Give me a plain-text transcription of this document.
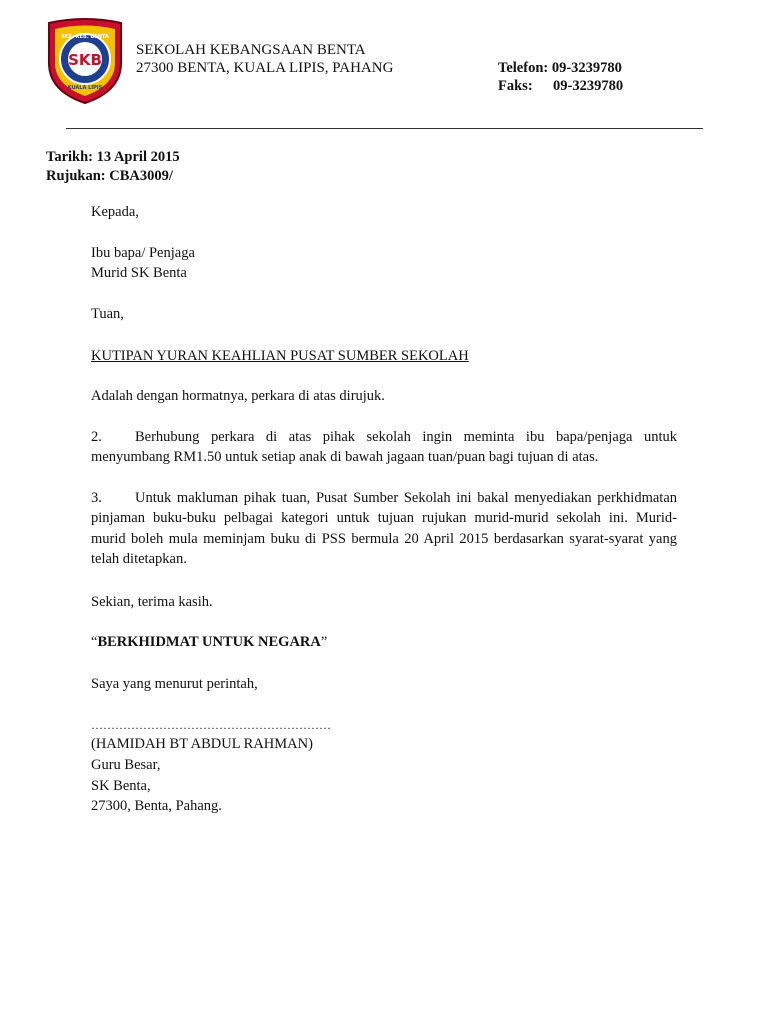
SKB
SEK. KEB. BENTA
KUALA LIPIS
SEKOLAH KEBANGSAAN BENTA
27300 BENTA, KUALA LIPIS, PAHANG	Telefon: 09-3239780
Faks: 09-3239780
Tarikh: 13 April 2015
Rujukan: CBA3009/
Kepada,
Ibu bapa/ Penjaga
Murid SK Benta
Tuan,
KUTIPAN YURAN KEAHLIAN PUSAT SUMBER SEKOLAH
Adalah dengan hormatnya, perkara di atas dirujuk.
2. Berhubung perkara di atas pihak sekolah ingin meminta ibu bapa/penjaga untuk
menyumbang RM1.50 untuk setiap anak di bawah jagaan tuan/puan bagi tujuan di atas.
3. Untuk makluman pihak tuan, Pusat Sumber Sekolah ini bakal menyediakan perkhidmatan
pinjaman buku-buku pelbagai kategori untuk tujuan rujukan murid-murid sekolah ini. Murid-
murid boleh mula meminjam buku di PSS bermula 20 April 2015 berdasarkan syarat-syarat yang
telah ditetapkan.
Sekian, terima kasih.
“BERKHIDMAT UNTUK NEGARA”
Saya yang menurut perintah,
……………………………………………………
(HAMIDAH BT ABDUL RAHMAN)
Guru Besar,
SK Benta,
27300, Benta, Pahang.
